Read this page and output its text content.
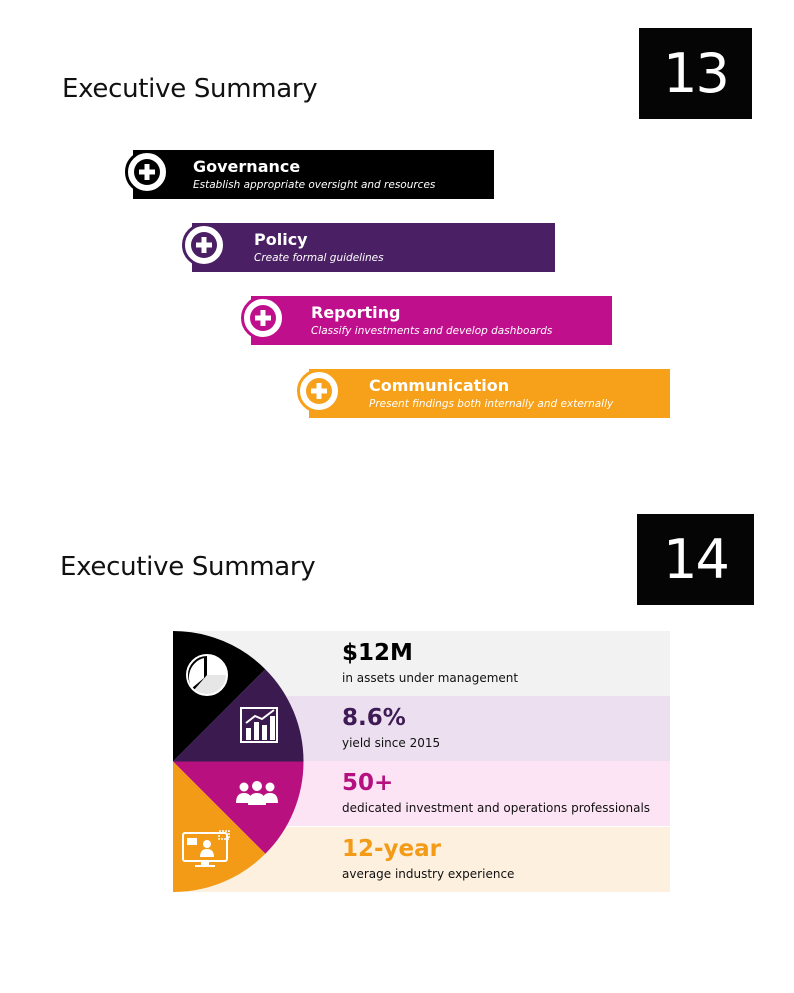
Executive Summary	13
Governance
Establish appropriate oversight and resources
Policy
Create formal guidelines
Reporting
Classify investments and develop dashboards
Communication
Present findings both internally and externally
Executive Summary	14
$12M
in assets under management
8.6%
yield since 2015
50+
dedicated investment and operations professionals
12-year
average industry experience
